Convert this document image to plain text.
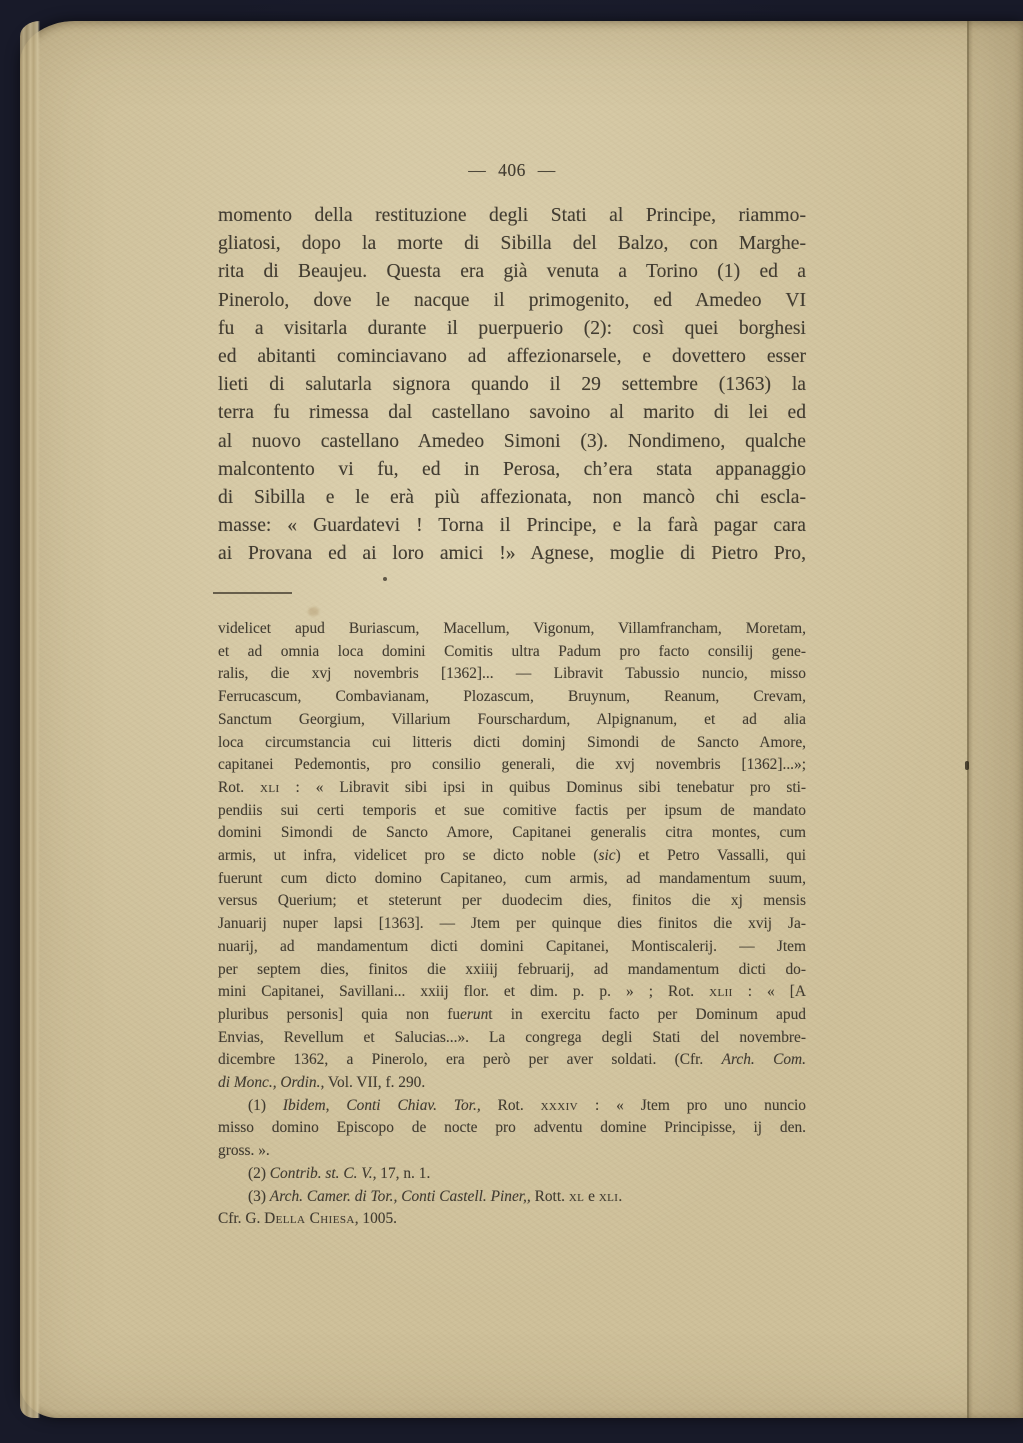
— 406 —
momento della restituzione degli Stati al Principe, riammo-
gliatosi, dopo la morte di Sibilla del Balzo, con Marghe-
rita di Beaujeu. Questa era già venuta a Torino (1) ed a
Pinerolo, dove le nacque il primogenito, ed Amedeo VI
fu a visitarla durante il puerpuerio (2): così quei borghesi
ed abitanti cominciavano ad affezionarsele, e dovettero esser
lieti di salutarla signora quando il 29 settembre (1363) la
terra fu rimessa dal castellano savoino al marito di lei ed
al nuovo castellano Amedeo Simoni (3). Nondimeno, qualche
malcontento vi fu, ed in Perosa, ch’era stata appanaggio
di Sibilla e le erà più affezionata, non mancò chi escla-
masse: « Guardatevi ! Torna il Principe, e la farà pagar cara
ai Provana ed ai loro amici !» Agnese, moglie di Pietro Pro,
videlicet apud Buriascum, Macellum, Vigonum, Villamfrancham, Moretam,
et ad omnia loca domini Comitis ultra Padum pro facto consilij gene-
ralis, die xvj novembris [1362]... — Libravit Tabussio nuncio, misso
Ferrucascum, Combavianam, Plozascum, Bruynum, Reanum, Crevam,
Sanctum Georgium, Villarium Fourschardum, Alpignanum, et ad alia
loca circumstancia cui litteris dicti dominj Simondi de Sancto Amore,
capitanei Pedemontis, pro consilio generali, die xvj novembris [1362]...»;
Rot. xli : « Libravit sibi ipsi in quibus Dominus sibi tenebatur pro sti-
pendiis sui certi temporis et sue comitive factis per ipsum de mandato
domini Simondi de Sancto Amore, Capitanei generalis citra montes, cum
armis, ut infra, videlicet pro se dicto noble (sic) et Petro Vassalli, qui
fuerunt cum dicto domino Capitaneo, cum armis, ad mandamentum suum,
versus Querium; et steterunt per duodecim dies, finitos die xj mensis
Januarij nuper lapsi [1363]. — Jtem per quinque dies finitos die xvij Ja-
nuarij, ad mandamentum dicti domini Capitanei, Montiscalerij. — Jtem
per septem dies, finitos die xxiiij februarij, ad mandamentum dicti do-
mini Capitanei, Savillani... xxiij flor. et dim. p. p. » ; Rot. xlii : « [A
pluribus personis] quia non fuerunt in exercitu facto per Dominum apud
Envias, Revellum et Salucias...». La congrega degli Stati del novembre-
dicembre 1362, a Pinerolo, era però per aver soldati. (Cfr. Arch. Com.
di Monc., Ordin., Vol. VII, f. 290.
(1) Ibidem, Conti Chiav. Tor., Rot. xxxiv : « Jtem pro uno nuncio
misso domino Episcopo de nocte pro adventu domine Principisse, ij den.
gross. ».
(2) Contrib. st. C. V., 17, n. 1.
(3) Arch. Camer. di Tor., Conti Castell. Piner,, Rott. xl e xli.
Cfr. G. Della Chiesa, 1005.
